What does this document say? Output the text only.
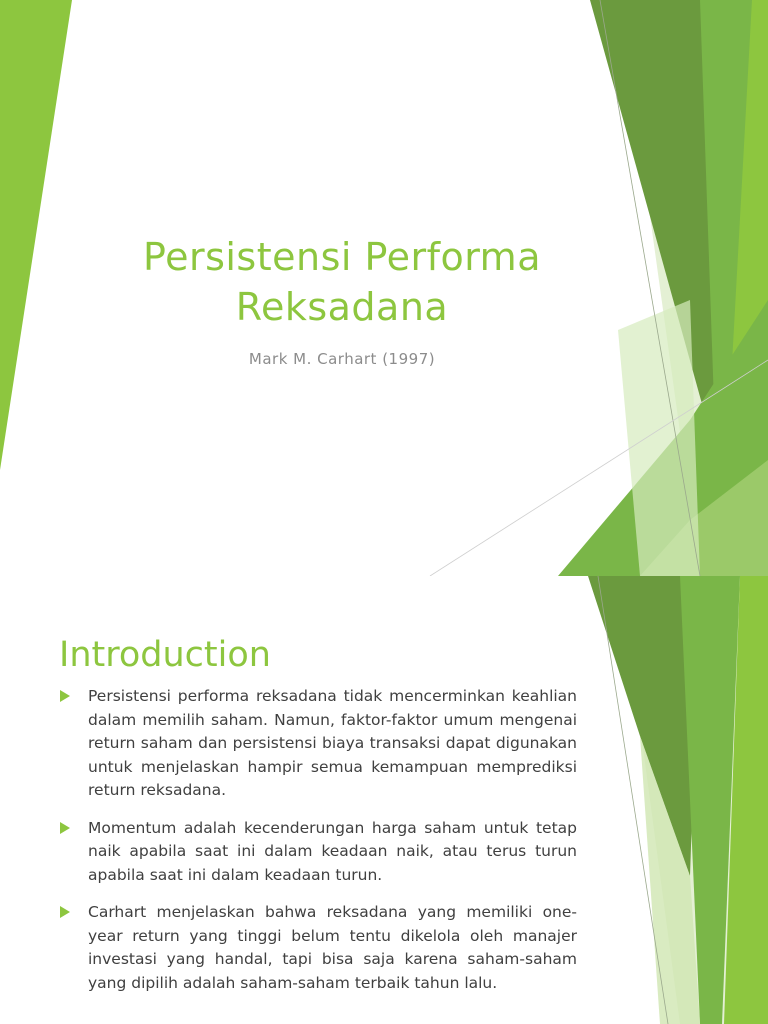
Persistensi Performa
Reksadana
Mark M. Carhart (1997)
Introduction
Persistensi performa reksadana tidak mencerminkan keahlian dalam memilih saham. Namun, faktor-faktor umum mengenai return saham dan persistensi biaya transaksi dapat digunakan untuk menjelaskan hampir semua kemampuan memprediksi return reksadana.
Momentum adalah kecenderungan harga saham untuk tetap naik apabila saat ini dalam keadaan naik, atau terus turun apabila saat ini dalam keadaan turun.
Carhart menjelaskan bahwa reksadana yang memiliki one-year return yang tinggi belum tentu dikelola oleh manajer investasi yang handal, tapi bisa saja karena saham-saham yang dipilih adalah saham-saham terbaik tahun lalu.
